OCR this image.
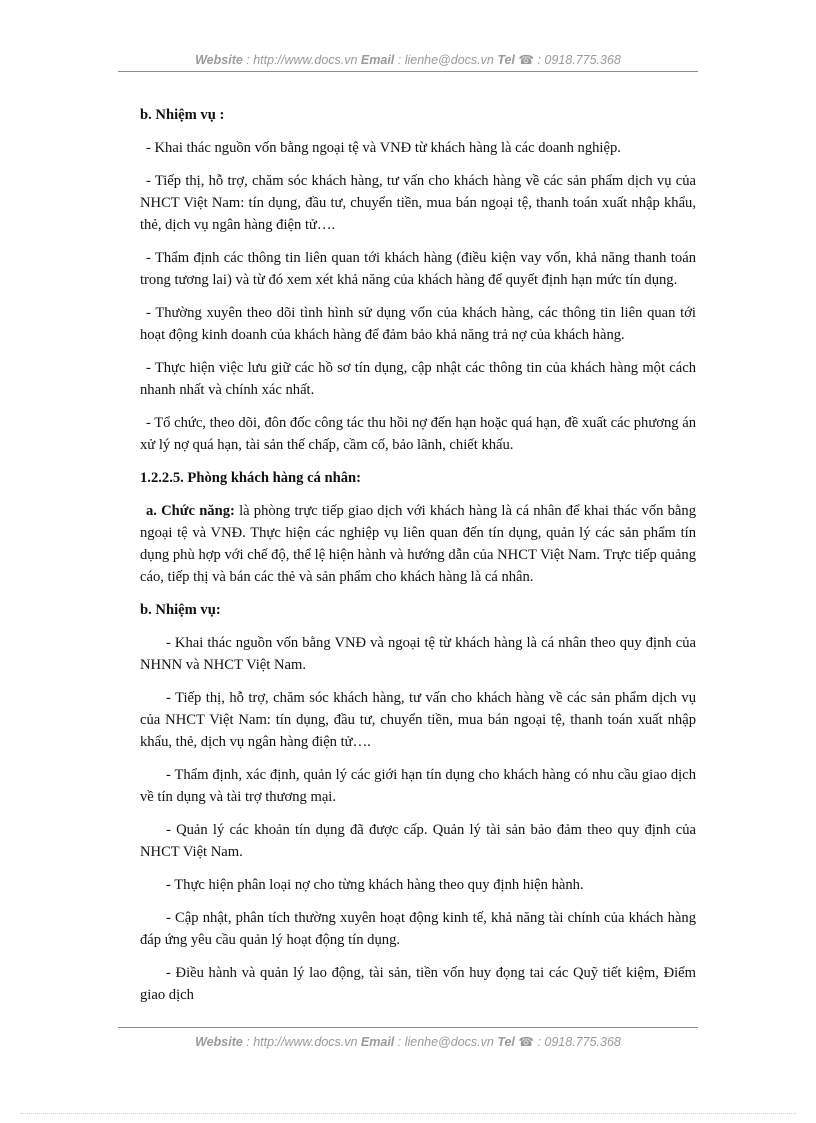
Website : http://www.docs.vn Email : lienhe@docs.vn Tel ☎ : 0918.775.368

b. Nhiệm vụ :

- Khai thác nguồn vốn bằng ngoại tệ và VNĐ từ khách hàng là các doanh nghiệp.

- Tiếp thị, hỗ trợ, chăm sóc khách hàng, tư vấn cho khách hàng về các sản phẩm dịch vụ của NHCT Việt Nam: tín dụng, đầu tư, chuyển tiền, mua bán ngoại tệ, thanh toán xuất nhập khẩu, thẻ, dịch vụ ngân hàng điện tử….

- Thẩm định các thông tin liên quan tới khách hàng (điều kiện vay vốn, khả năng thanh toán trong tương lai) và từ đó xem xét khả năng của khách hàng để quyết định hạn mức tín dụng.

- Thường xuyên theo dõi tình hình sử dụng vốn của khách hàng, các thông tin liên quan tới hoạt động kinh doanh của khách hàng để đảm bảo khả năng trả nợ của khách hàng.

- Thực hiện việc lưu giữ các hồ sơ tín dụng, cập nhật các thông tin của khách hàng một cách nhanh nhất và chính xác nhất.

- Tổ chức, theo dõi, đôn đốc công tác thu hồi nợ đến hạn hoặc quá hạn, đề xuất các phương án xử lý nợ quá hạn, tài sản thế chấp, cầm cố, bảo lãnh, chiết khấu.

1.2.2.5. Phòng khách hàng cá nhân:

a. Chức năng: là phòng trực tiếp giao dịch với khách hàng là cá nhân để khai thác vốn bằng ngoại tệ và VNĐ. Thực hiện các nghiệp vụ liên quan đến tín dụng, quản lý các sản phẩm tín dụng phù hợp với chế độ, thể lệ hiện hành và hướng dẫn của NHCT Việt Nam. Trực tiếp quảng cáo, tiếp thị và bán các thẻ và sản phẩm cho khách hàng là cá nhân.

b. Nhiệm vụ:

- Khai thác nguồn vốn bằng VNĐ và ngoại tệ từ khách hàng là cá nhân theo quy định của NHNN và NHCT Việt Nam.

- Tiếp thị, hỗ trợ, chăm sóc khách hàng, tư vấn cho khách hàng về các sản phẩm dịch vụ của NHCT Việt Nam: tín dụng, đầu tư, chuyển tiền, mua bán ngoại tệ, thanh toán xuất nhập khẩu, thẻ, dịch vụ ngân hàng điện tử….

- Thẩm định, xác định, quản lý các giới hạn tín dụng cho khách hàng có nhu cầu giao dịch về tín dụng và tài trợ thương mại.

- Quản lý các khoản tín dụng đã được cấp. Quản lý tài sản bảo đảm theo quy định của NHCT Việt Nam.

- Thực hiện phân loại nợ cho từng khách hàng theo quy định hiện hành.

- Cập nhật, phân tích thường xuyên hoạt động kinh tế, khả năng tài chính của khách hàng đáp ứng yêu cầu quản lý hoạt động tín dụng.

- Điều hành và quản lý lao động, tài sản, tiền vốn huy đọng tai các Quỹ tiết kiệm, Điểm giao dịch

Website : http://www.docs.vn Email : lienhe@docs.vn Tel ☎ : 0918.775.368
